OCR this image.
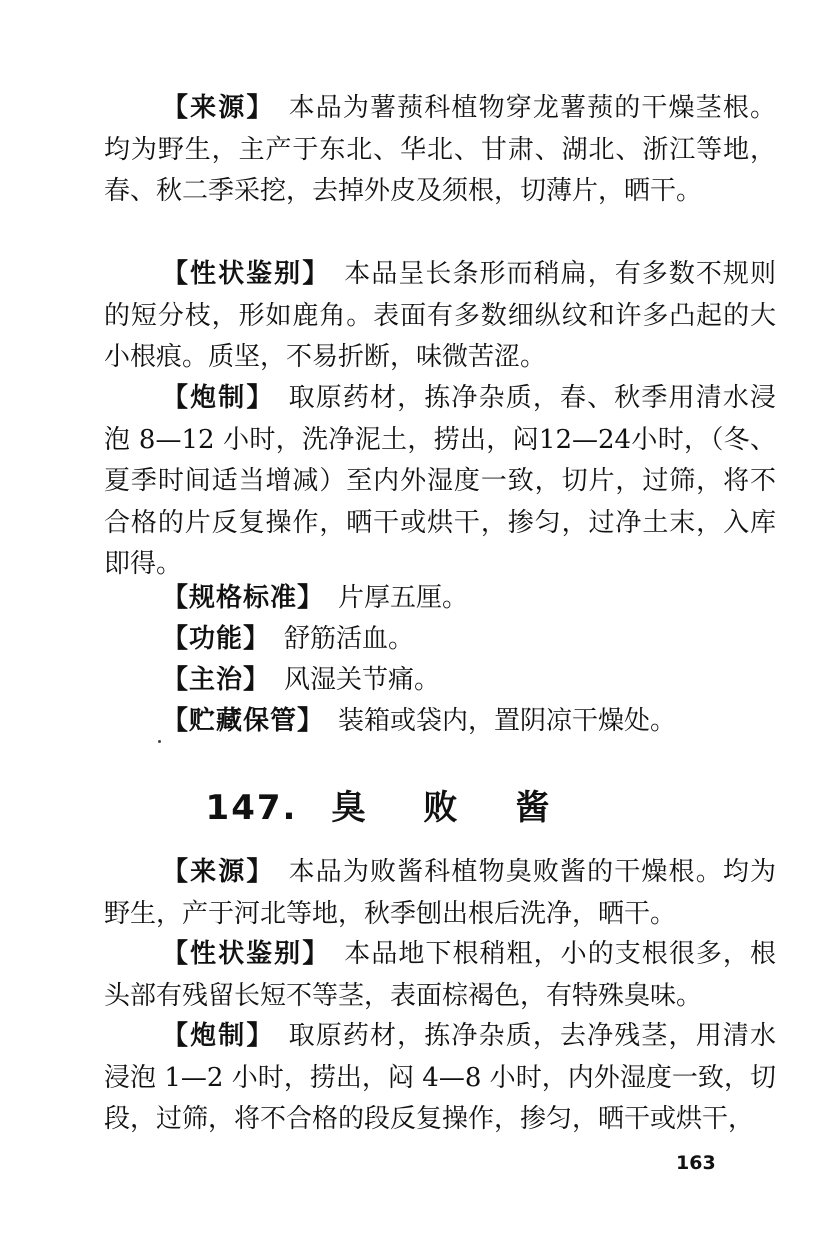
【来源】 本品为薯蓣科植物穿龙薯蓣的干燥茎根。均为野生，主产于东北、华北、甘肃、湖北、浙江等地，春、秋二季采挖，去掉外皮及须根，切薄片，晒干。

【性状鉴别】 本品呈长条形而稍扁，有多数不规则的短分枝，形如鹿角。表面有多数细纵纹和许多凸起的大小根痕。质坚，不易折断，味微苦涩。

【炮制】 取原药材，拣净杂质，春、秋季用清水浸泡 8—12 小时，洗净泥土，捞出，闷12—24小时，（冬、夏季时间适当增减）至内外湿度一致，切片，过筛，将不合格的片反复操作，晒干或烘干，掺匀，过净土末，入库即得。

【规格标准】 片厚五厘。

【功能】 舒筋活血。

【主治】 风湿关节痛。

【贮藏保管】 装箱或袋内，置阴凉干燥处。

147. 臭败酱

【来源】 本品为败酱科植物臭败酱的干燥根。均为野生，产于河北等地，秋季刨出根后洗净，晒干。

【性状鉴别】 本品地下根稍粗，小的支根很多，根头部有残留长短不等茎，表面棕褐色，有特殊臭味。

【炮制】 取原药材，拣净杂质，去净残茎，用清水浸泡 1—2 小时，捞出，闷 4—8 小时，内外湿度一致，切段，过筛，将不合格的段反复操作，掺匀，晒干或烘干，

163
